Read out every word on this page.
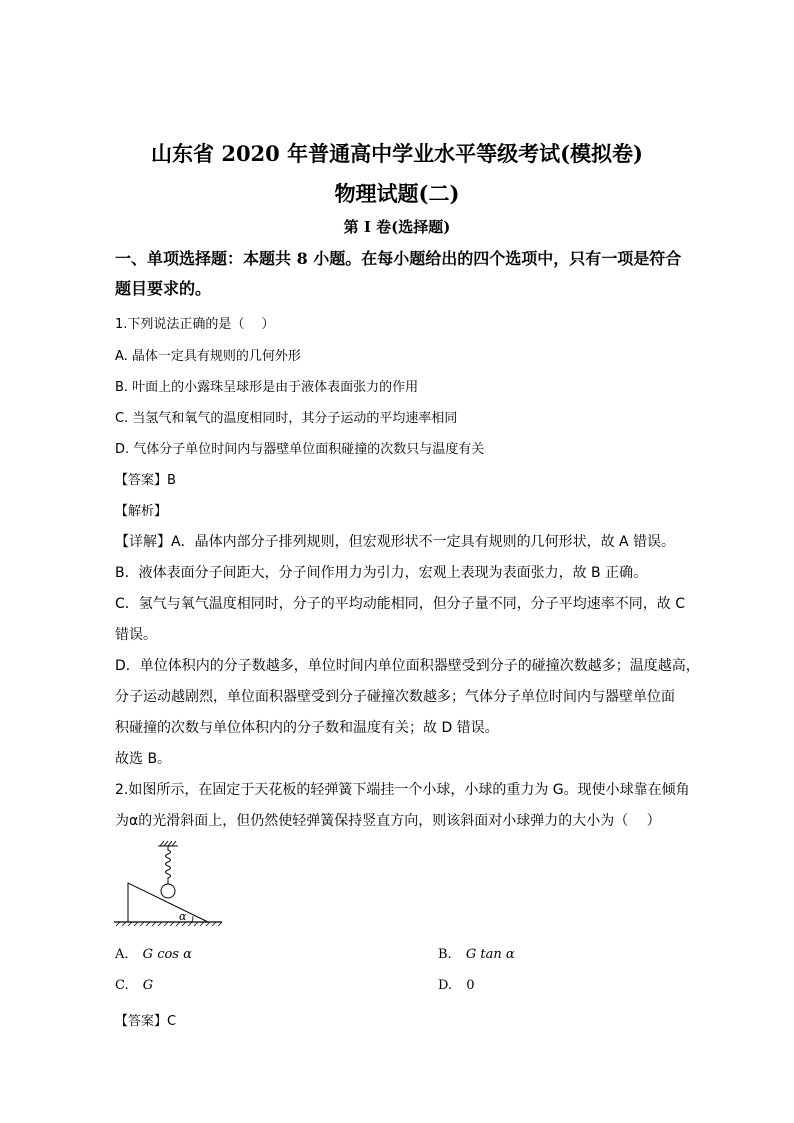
山东省 2020 年普通高中学业水平等级考试(模拟卷)
物理试题(二)
第 I 卷(选择题)
一、单项选择题：本题共 8 小题。在每小题给出的四个选项中，只有一项是符合
题目要求的。
1.下列说法正确的是（　 ）
A. 晶体一定具有规则的几何外形
B. 叶面上的小露珠呈球形是由于液体表面张力的作用
C. 当氢气和氧气的温度相同时，其分子运动的平均速率相同
D. 气体分子单位时间内与器壁单位面积碰撞的次数只与温度有关
【答案】B
【解析】
【详解】A．晶体内部分子排列规则，但宏观形状不一定具有规则的几何形状，故 A 错误。
B．液体表面分子间距大，分子间作用力为引力，宏观上表现为表面张力，故 B 正确。
C．氢气与氧气温度相同时，分子的平均动能相同，但分子量不同，分子平均速率不同，故 C
错误。
D．单位体积内的分子数越多，单位时间内单位面积器壁受到分子的碰撞次数越多；温度越高，
分子运动越剧烈，单位面积器壁受到分子碰撞次数越多；气体分子单位时间内与器壁单位面
积碰撞的次数与单位体积内的分子数和温度有关；故 D 错误。
故选 B。
2.如图所示，在固定于天花板的轻弹簧下端挂一个小球，小球的重力为 G。现使小球靠在倾角
为α的光滑斜面上，但仍然使轻弹簧保持竖直方向，则该斜面对小球弹力的大小为（　 ）
α
A. G cos α	B. G tan α
C. G	D. 0
【答案】C
